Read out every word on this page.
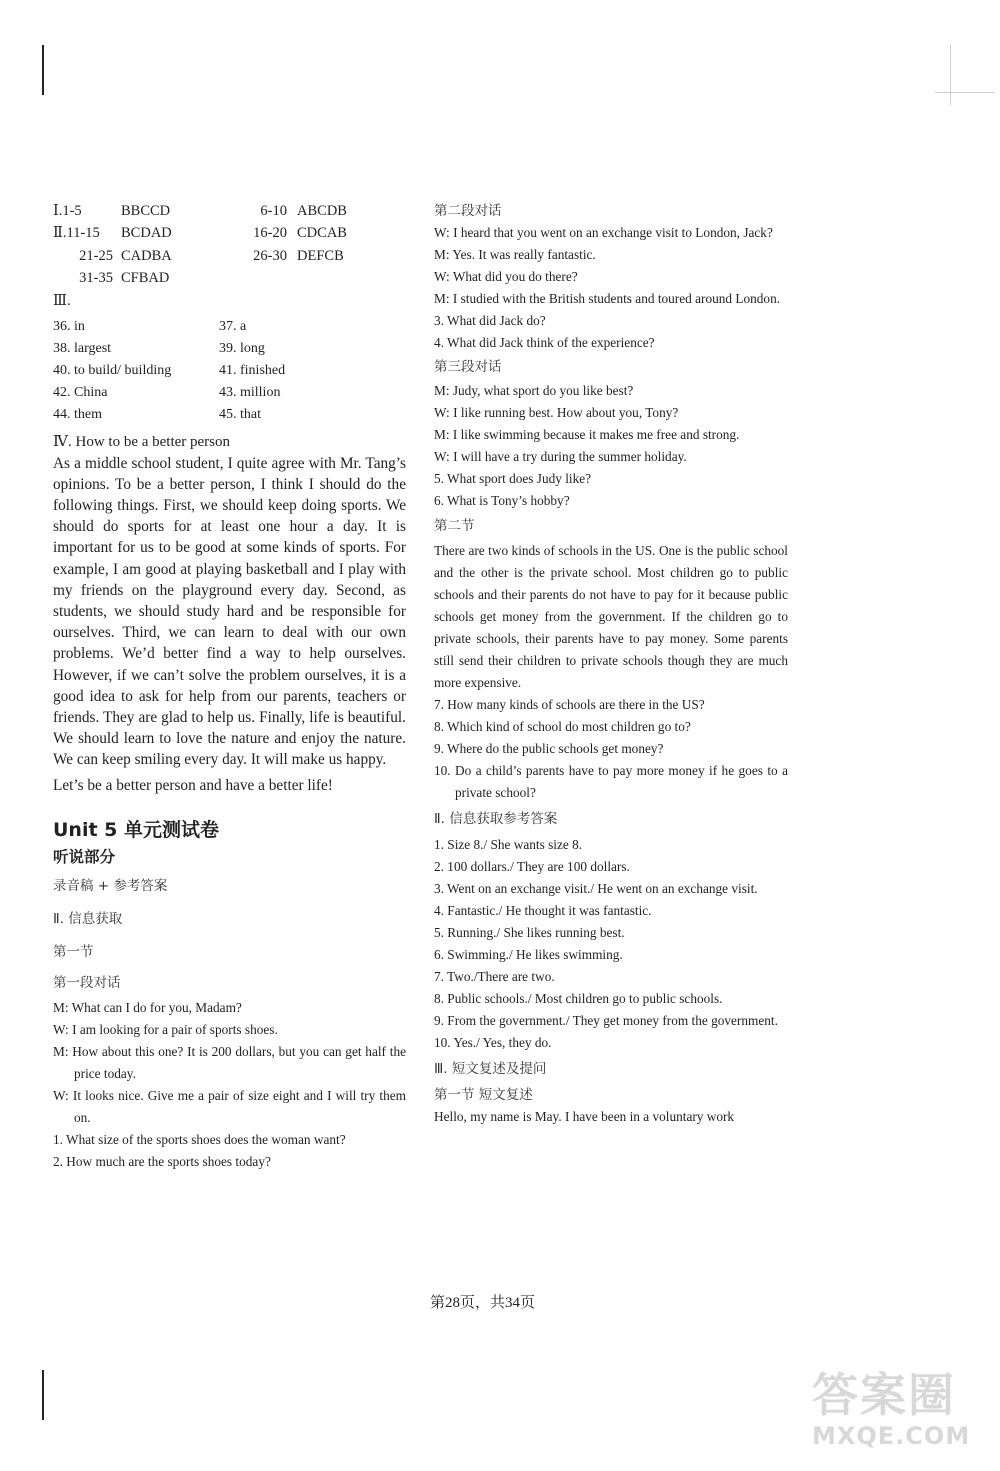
Ⅰ.1-5	BBCCD	6-10 ABCDB
Ⅱ.11-15	BCDAD	16-20 CDCAB
21-25 CADBA	26-30 DEFCB
31-35 CFBAD
Ⅲ.
36. in	37. a
38. largest	39. long
40. to build/ building	41. finished
42. China	43. million
44. them	45. that
Ⅳ. How to be a better person

As a middle school student, I quite agree with Mr. Tang’s opinions. To be a better person, I think I should do the following things. First, we should keep doing sports. We should do sports for at least one hour a day. It is important for us to be good at some kinds of sports. For example, I am good at playing basketball and I play with my friends on the playground every day. Second, as students, we should study hard and be responsible for ourselves. Third, we can learn to deal with our own problems. We’d better find a way to help ourselves. However, if we can’t solve the problem ourselves, it is a good idea to ask for help from our parents, teachers or friends. They are glad to help us. Finally, life is beautiful. We should learn to love the nature and enjoy the nature. We can keep smiling every day. It will make us happy.

Let’s be a better person and have a better life!

Unit 5 单元测试卷
听说部分
录音稿 + 参考答案
Ⅱ. 信息获取
第一节
第一段对话

M: What can I do for you, Madam?

W: I am looking for a pair of sports shoes.

M: How about this one? It is 200 dollars, but you can get half the price today.

W: It looks nice. Give me a pair of size eight and I will try them on.

1. What size of the sports shoes does the woman want?

2. How much are the sports shoes today?

第二段对话

W: I heard that you went on an exchange visit to London, Jack?

M: Yes. It was really fantastic.

W: What did you do there?

M: I studied with the British students and toured around London.

3. What did Jack do?

4. What did Jack think of the experience?

第三段对话

M: Judy, what sport do you like best?

W: I like running best. How about you, Tony?

M: I like swimming because it makes me free and strong.

W: I will have a try during the summer holiday.

5. What sport does Judy like?

6. What is Tony’s hobby?

第二节

There are two kinds of schools in the US. One is the public school and the other is the private school. Most children go to public schools and their parents do not have to pay for it because public schools get money from the government. If the children go to private schools, their parents have to pay money. Some parents still send their children to private schools though they are much more expensive.

7. How many kinds of schools are there in the US?

8. Which kind of school do most children go to?

9. Where do the public schools get money?

10. Do a child’s parents have to pay more money if he goes to a private school?

Ⅱ. 信息获取参考答案

1. Size 8./ She wants size 8.

2. 100 dollars./ They are 100 dollars.

3. Went on an exchange visit./ He went on an exchange visit.

4. Fantastic./ He thought it was fantastic.

5. Running./ She likes running best.

6. Swimming./ He likes swimming.

7. Two./There are two.

8. Public schools./ Most children go to public schools.

9. From the government./ They get money from the government.

10. Yes./ Yes, they do.

Ⅲ. 短文复述及提问
第一节 短文复述

Hello, my name is May. I have been in a voluntary work

第28页，共34页
答案圈
MXQE.COM
